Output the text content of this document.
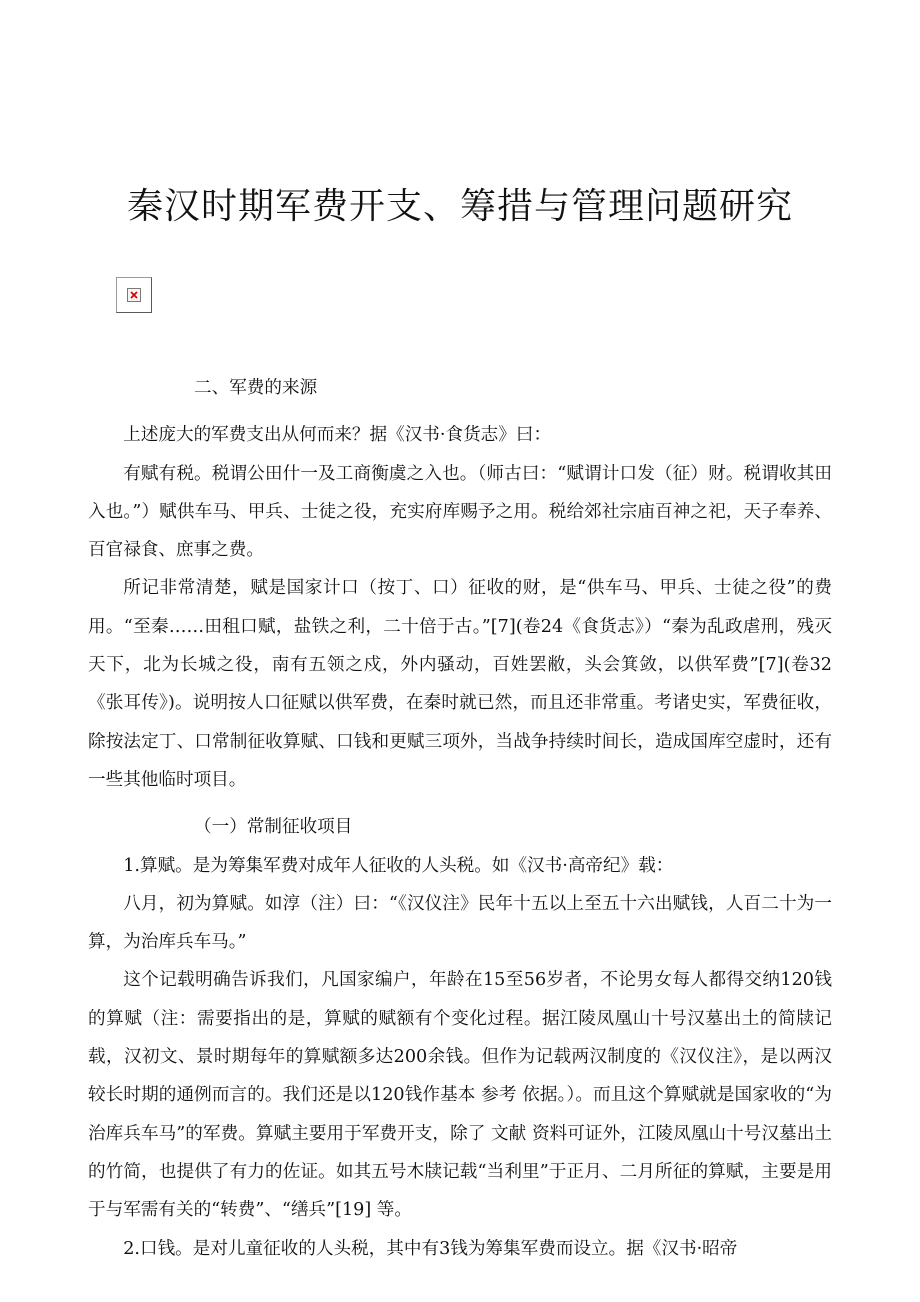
秦汉时期军费开支、筹措与管理问题研究

二、军费的来源

上述庞大的军费支出从何而来？据《汉书·食货志》曰：

有赋有税。税谓公田什一及工商衡虞之入也。（师古曰：“赋谓计口发（征）财。税谓收其田入也。”）赋供车马、甲兵、士徒之役，充实府库赐予之用。税给郊社宗庙百神之祀，天子奉养、百官禄食、庶事之费。

所记非常清楚，赋是国家计口（按丁、口）征收的财，是“供车马、甲兵、士徒之役”的费用。“至秦……田租口赋，盐铁之利，二十倍于古。”[7](卷24《食货志》）“秦为乱政虐刑，残灭天下，北为长城之役，南有五领之戍，外内骚动，百姓罢敝，头会箕敛，以供军费”[7](卷32《张耳传》)。说明按人口征赋以供军费，在秦时就已然，而且还非常重。考诸史实，军费征收，除按法定丁、口常制征收算赋、口钱和更赋三项外，当战争持续时间长，造成国库空虚时，还有一些其他临时项目。

（一）常制征收项目

1.算赋。是为筹集军费对成年人征收的人头税。如《汉书·高帝纪》载：

八月，初为算赋。如淳（注）曰：“《汉仪注》民年十五以上至五十六出赋钱，人百二十为一算，为治库兵车马。”

这个记载明确告诉我们，凡国家编户，年龄在15至56岁者，不论男女每人都得交纳120钱的算赋（注：需要指出的是，算赋的赋额有个变化过程。据江陵凤凰山十号汉墓出土的简牍记载，汉初文、景时期每年的算赋额多达200余钱。但作为记载两汉制度的《汉仪注》，是以两汉较长时期的通例而言的。我们还是以120钱作基本 参考 依据。）。而且这个算赋就是国家收的“为治库兵车马”的军费。算赋主要用于军费开支，除了 文献 资料可证外，江陵凤凰山十号汉墓出土的竹简，也提供了有力的佐证。如其五号木牍记载“当利里”于正月、二月所征的算赋，主要是用于与军需有关的“转费”、“缮兵”[19] 等。

2.口钱。是对儿童征收的人头税，其中有3钱为筹集军费而设立。据《汉书·昭帝
